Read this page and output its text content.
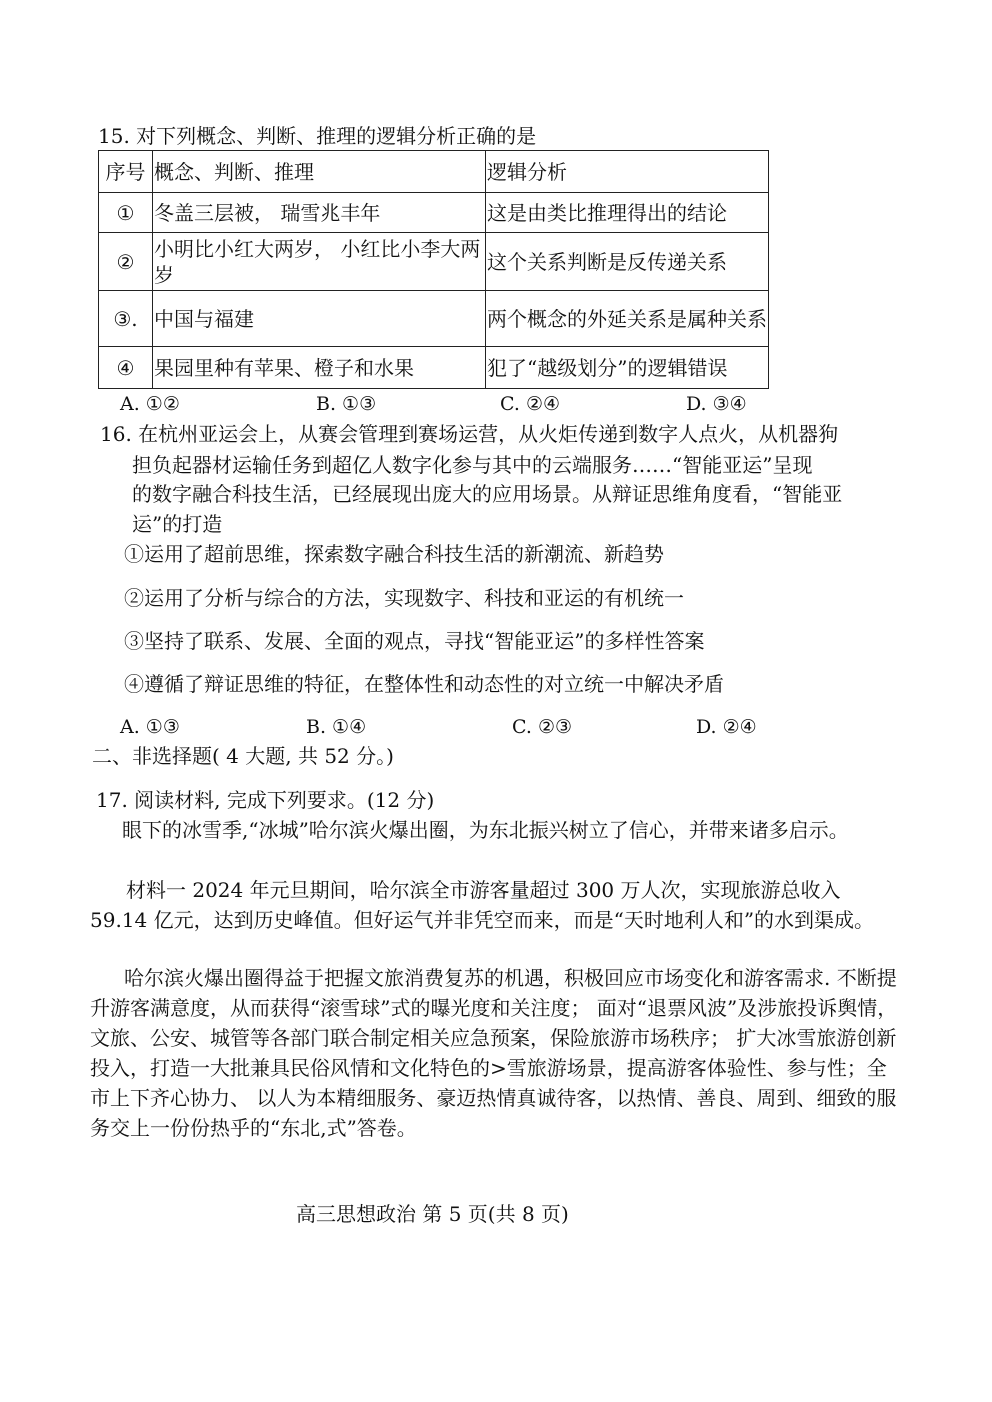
15. 对下列概念、判断、推理的逻辑分析正确的是
序号	概念、判断、推理	逻辑分析
①	冬盖三层被， 瑞雪兆丰年	这是由类比推理得出的结论
②	小明比小红大两岁， 小红比小李大两岁	这个关系判断是反传递关系
③.	中国与福建	两个概念的外延关系是属种关系
④	果园里种有苹果、橙子和水果	犯了“越级划分”的逻辑错误
A. ①②	B. ①③	C. ②④	D. ③④
16. 在杭州亚运会上，从赛会管理到赛场运营，从火炬传递到数字人点火，从机器狗
担负起器材运输任务到超亿人数字化参与其中的云端服务……“智能亚运”呈现
的数字融合科技生活，已经展现出庞大的应用场景。从辩证思维角度看，“智能亚
运”的打造
①运用了超前思维，探索数字融合科技生活的新潮流、新趋势
②运用了分析与综合的方法，实现数字、科技和亚运的有机统一
③坚持了联系、发展、全面的观点，寻找“智能亚运”的多样性答案
④遵循了辩证思维的特征，在整体性和动态性的对立统一中解决矛盾
A. ①③	B. ①④	C. ②③	D. ②④
二、非选择题( 4 大题, 共 52 分。)
17. 阅读材料, 完成下列要求。(12 分)
眼下的冰雪季,“冰城”哈尔滨火爆出圈，为东北振兴树立了信心，并带来诸多启示。
材料一 2024 年元旦期间，哈尔滨全市游客量超过 300 万人次，实现旅游总收入 59.14 亿元，达到历史峰值。但好运气并非凭空而来，而是“天时地利人和”的水到渠成。
哈尔滨火爆出圈得益于把握文旅消费复苏的机遇，积极回应市场变化和游客需求. 不断提升游客满意度，从而获得“滚雪球”式的曝光度和关注度； 面对“退票风波”及涉旅投诉舆情，文旅、公安、城管等各部门联合制定相关应急预案，保险旅游市场秩序； 扩大冰雪旅游创新投入，打造一大批兼具民俗风情和文化特色的>雪旅游场景，提高游客体验性、参与性；全市上下齐心协力、 以人为本精细服务、豪迈热情真诚待客，以热情、善良、周到、细致的服务交上一份份热乎的“东北,式”答卷。
高三思想政治 第 5 页(共 8 页)
